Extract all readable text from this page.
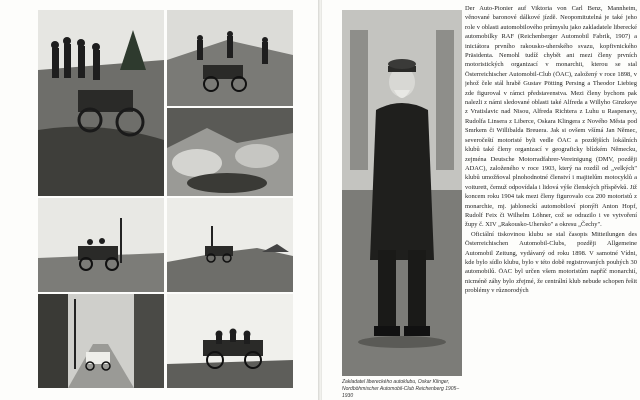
Zakladatel libereckého autoklubu, Oskar Klinger, Nordböhmischer Automobil-Club Reichenberg 1905–1930

Der Auto-Pionier auf Viktoria von Carl Benz, Mannheim, věnované baronové dálkové jízdě. Neopomitutelná je také jeho role v oblasti automobilového průmyslu jako zakladatele liberecké automobilky RAF (Reichenberger Automobil Fabrik, 1907) a iniciátora prvního rakousko-uherského svazu, kopfivnického Präsidenta. Nemohl tudíž chybět ani mezi členy prvních motoristických organizací v monarchii, kterou se stal Österreichischer Automobil-Club (ÖAC), založený v roce 1898, v jehož čele stál hrabě Gustav Pötting Persing a Theodor Liebieg zde figuroval v rámci představenstva. Mezi členy bychom pak nalezli z námi sledované oblasti také Alfreda a Willyho Ginzkeye z Vratislavic nad Nisou, Alfreda Richtera z Luhu u Raspenavy, Rudolfa Linsera z Liberce, Oskara Klingera z Nového Města pod Smrkem či Willibalda Breuera. Jak si ovšem všímá Jan Němec, severočeští motoristé byli vedle ÖAC a pozdějších lokálních klubů také členy organizací v geograficky blízkém Německu, zejména Deutsche Motorradfahrer-Vereinigung (DMV, později ADAC), založeného v roce 1903, který na rozdíl od „velkých" klubů umožňoval plnohodnotné členství i majitelům motocyklů a voiturett, čemuž odpovídala i lidová výše členských příspěvků. Již koncem roku 1904 tak mezi členy figurovalo cca 200 motoristů z monarchie, mj. jabloneckí automobiloví pionýři Anton Hopf, Rudolf Feix či Wilhelm Löhner, což se odrazilo i ve vytvoření župy č. XIV „Rakousko-Uhersko" a okresu „Čechy".

Oficiální tiskovinou klubu se stal časopis Mitteilungen des Österreichischen Automobil-Clubs, později Allgemeine Automobil Zeitung, vydávaný od roku 1898. V samotné Vídni, kde bylo sídlo klubu, bylo v této době registrovaných pouhých 30 automobilů. ÖAC byl určen všem motoristům napříč monarchií, nicméně záhy bylo zřejmé, že centrální klub nebude schopen řešit problémy v různorodých
